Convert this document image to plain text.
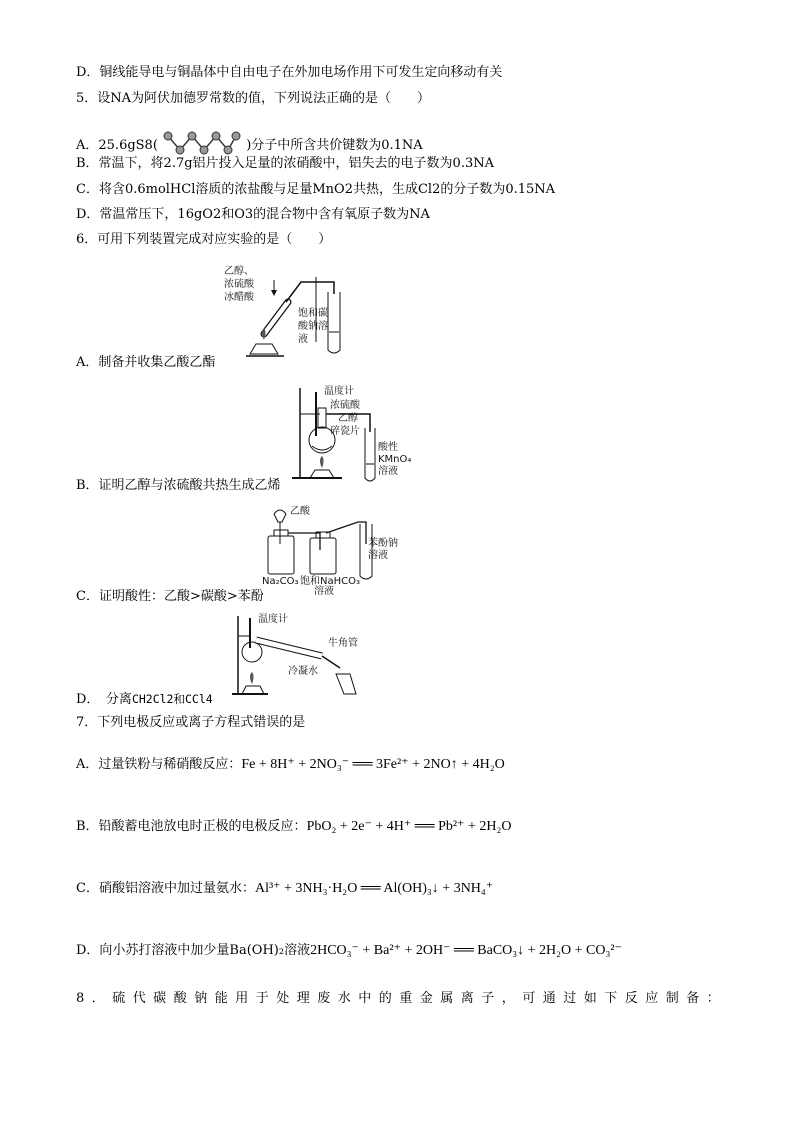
D．铜线能导电与铜晶体中自由电子在外加电场作用下可发生定向移动有关
5．设NA为阿伏加德罗常数的值，下列说法正确的是（　　）
A．25.6gS8(	)分子中所含共价键数为0.1NA
B．常温下，将2.7g铝片投入足量的浓硝酸中，铝失去的电子数为0.3NA
C．将含0.6molHCl溶质的浓盐酸与足量MnO2共热，生成Cl2的分子数为0.15NA
D．常温常压下，16gO2和O3的混合物中含有氧原子数为NA
6．可用下列装置完成对应实验的是（　　）
乙醇、
浓硫酸
冰醋酸
饱和碳
酸钠溶
液
A．制备并收集乙酸乙酯
温度计
浓硫酸
乙醇
碎瓷片
酸性
KMnO₄
溶液
B．证明乙醇与浓硫酸共热生成乙烯
乙酸
Na₂CO₃ 饱和NaHCO₃
溶液
苯酚钠
溶液
C．证明酸性：乙酸>碳酸>苯酚
温度计
牛角管
冷凝水
D．　分离CH2Cl2和CCl4
7．下列电极反应或离子方程式错误的是
A．过量铁粉与稀硝酸反应：Fe + 8H⁺ + 2NO₃⁻ ══ 3Fe²⁺ + 2NO↑ + 4H₂O
B．铅酸蓄电池放电时正极的电极反应：PbO₂ + 2e⁻ + 4H⁺ ══ Pb²⁺ + 2H₂O
C．硝酸铝溶液中加过量氨水：Al³⁺ + 3NH₃·H₂O ══ Al(OH)₃↓ + 3NH₄⁺
D．向小苏打溶液中加少量Ba(OH)₂溶液2HCO₃⁻ + Ba²⁺ + 2OH⁻ ══ BaCO₃↓ + 2H₂O + CO₃²⁻
8．硫代碳酸钠能用于处理废水中的重金属离子，可通过如下反应制备：
